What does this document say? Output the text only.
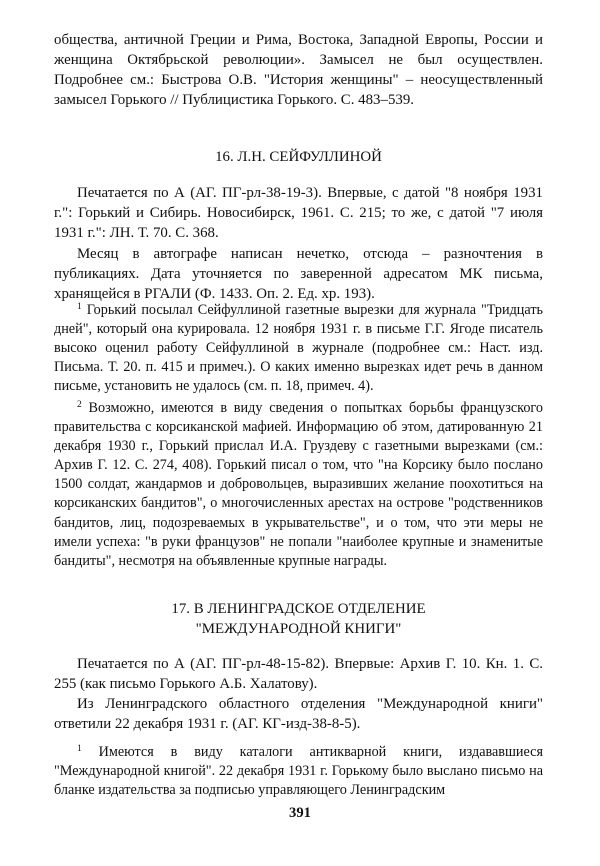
общества, античной Греции и Рима, Востока, Западной Европы, России и женщина Октябрьской революции». Замысел не был осуществлен. Подробнее см.: Быстрова О.В. "История женщины" – неосуществленный замысел Горького // Публицистика Горького. С. 483–539.

16. Л.Н. СЕЙФУЛЛИНОЙ

Печатается по А (АГ. ПГ-рл-38-19-3). Впервые, с датой "8 ноября 1931 г.": Горький и Сибирь. Новосибирск, 1961. С. 215; то же, с датой "7 июля 1931 г.": ЛН. Т. 70. С. 368.

Месяц в автографе написан нечетко, отсюда – разночтения в публикациях. Дата уточняется по заверенной адресатом МК письма, хранящейся в РГАЛИ (Ф. 1433. Оп. 2. Ед. хр. 193).

$^1$ Горький посылал Сейфуллиной газетные вырезки для журнала "Тридцать дней", который она курировала. 12 ноября 1931 г. в письме Г.Г. Ягоде писатель высоко оценил работу Сейфуллиной в журнале (подробнее см.: Наст. изд. Письма. Т. 20. п. 415 и примеч.). О каких именно вырезках идет речь в данном письме, установить не удалось (см. п. 18, примеч. 4).

$^2$ Возможно, имеются в виду сведения о попытках борьбы французского правительства с корсиканской мафией. Информацию об этом, датированную 21 декабря 1930 г., Горький прислал И.А. Груздеву с газетными вырезками (см.: Архив Г. 12. С. 274, 408). Горький писал о том, что "на Корсику было послано 1500 солдат, жандармов и добровольцев, выразивших желание поохотиться на корсиканских бандитов", о многочисленных арестах на острове "родственников бандитов, лиц, подозреваемых в укрывательстве", и о том, что эти меры не имели успеха: "в руки французов" не попали "наиболее крупные и знаменитые бандиты", несмотря на объявленные крупные награды.

17. В ЛЕНИНГРАДСКОЕ ОТДЕЛЕНИЕ
"МЕЖДУНАРОДНОЙ КНИГИ"

Печатается по А (АГ. ПГ-рл-48-15-82). Впервые: Архив Г. 10. Кн. 1. С. 255 (как письмо Горького А.Б. Халатову).

Из Ленинградского областного отделения "Международной книги" ответили 22 декабря 1931 г. (АГ. КГ-изд-38-8-5).

$^1$ Имеются в виду каталоги антикварной книги, издававшиеся "Международной книгой". 22 декабря 1931 г. Горькому было выслано письмо на бланке издательства за подписью управляющего Ленинградским

391
